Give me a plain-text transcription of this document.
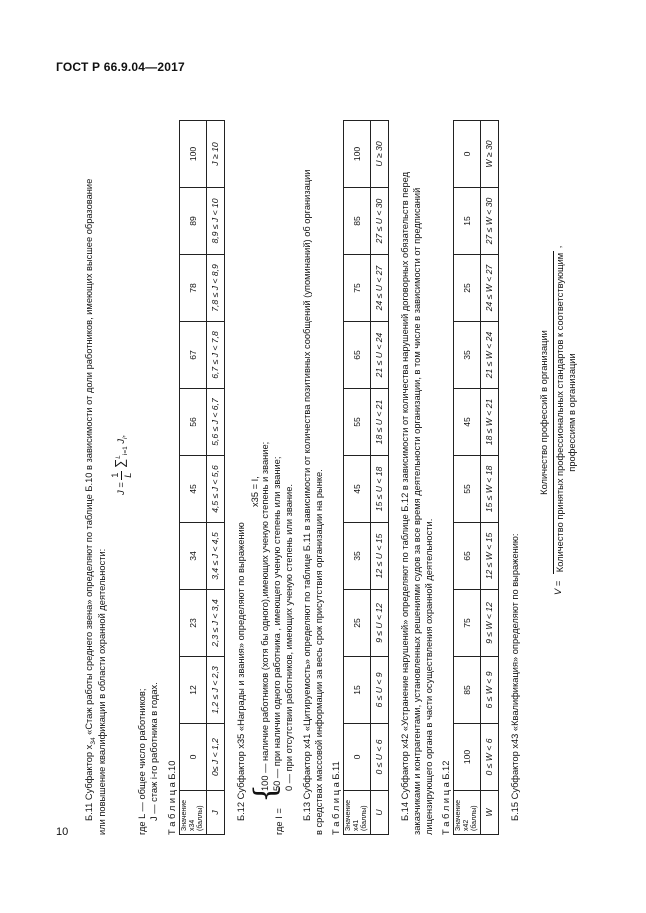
ГОСТ Р 66.9.04—2017
10
Б.11 Субфактор $x_{34}$ «Стаж работы среднего звена» определяют по таблице Б.10 в зависимости от доли работников, имеющих высшее образование или повышение квалификации в области охранной деятельности:
J =
1 L
∑$^L_{i=1}$ $J_i$,
где L — общее число работников; J — стаж i-го работника в годах. Т а б л и ц а Б.10 Значение x34 (баллы)	0	12	23	34	45	56	67	78	89	100
J	0≤ J < 1,2	1,2 ≤ J < 2,3	2,3 ≤ J < 3,4	3,4 ≤ J < 4,5	4,5 ≤ J < 5,6	5,6 ≤ J < 6,7	6,7 ≤ J < 7,8	7,8 ≤ J < 8,9	8,9 ≤ J < 10	J ≥ 10
Б.12 Субфактор x35 «Награды и звания» определяют по выражению
x35 = I,
где I =
{
100 — наличие работников (хотя бы одного),имеющих ученую степень и звание; 50 — при наличии одного работника , имеющего ученую степень или звание; 0 — при отсутствии работников, имеющих ученую степень или звание. Б.13 Субфактор x41 «Цитируемость» определяют по таблице Б.11 в зависимости от количества позитивных сообщений (упоминаний) об организации в средствах массовой информации за весь срок присутствия организации на рынке. Т а б л и ц а Б.11 Значение x41 (баллы)	0	15	25	35	45	55	65	75	85	100
U	0 ≤ U < 6	6 ≤ U < 9	9 ≤ U < 12	12 ≤ U < 15	15 ≤ U < 18	18 ≤ U < 21	21 ≤ U < 24	24 ≤ U < 27	27 ≤ U < 30	U ≥ 30
Б.14 Субфактор x42 «Устранение нарушений» определяют по таблице Б.12 в зависимости от количества нарушений договорных обязательств перед заказчиками и контрагентами, установленных решениями судов за все время деятельности организации, в том числе в зависимости от предписаний лицензирующего органа в части осуществления охранной деятельности. Т а б л и ц а Б.12 Значение x42 (баллы)	100	85	75	65	55	45	35	25	15	0
W	0 ≤ W < 6	6 ≤ W < 9	9 ≤ W < 12	12 ≤ W < 15	15 ≤ W < 18	18 ≤ W < 21	21 ≤ W < 24	24 ≤ W < 27	27 ≤ W < 30	W ≥ 30
Б.15 Субфактор x43 «Квалификация» определяют по выражению:	V =
Количество профессий в организации Количество принятых профессиональных стандартов к соответствующим профессиям в организации
,
